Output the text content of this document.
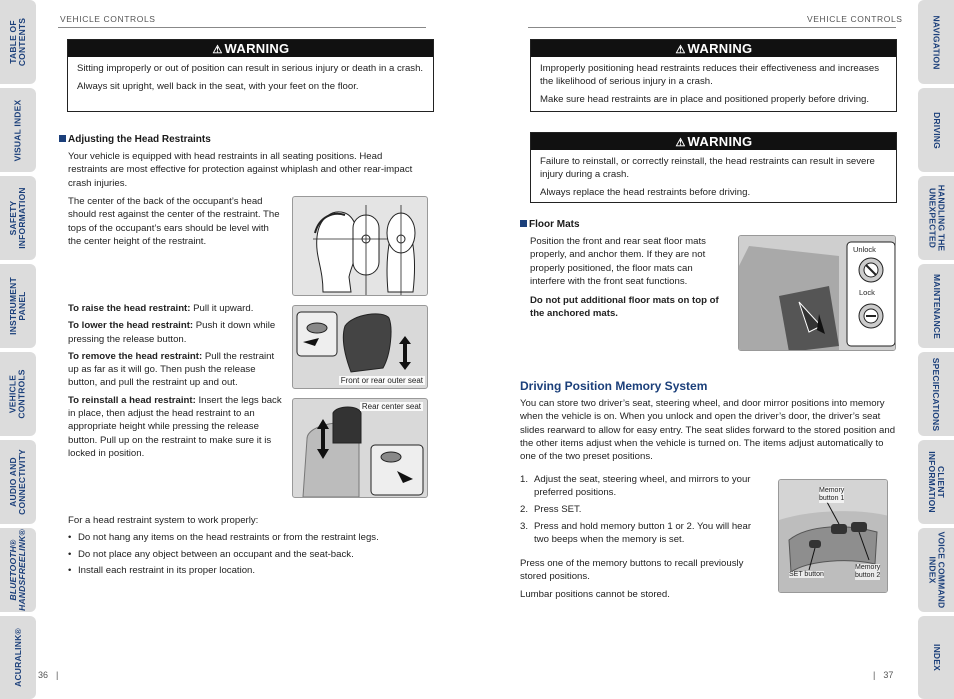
TABLE OF
CONTENTS
VISUAL INDEX
SAFETY
INFORMATION
INSTRUMENT
PANEL
VEHICLE
CONTROLS
AUDIO AND
CONNECTIVITY
BLUETOOTH®
HANDSFREELINK®
ACURALINK®
NAVIGATION
DRIVING
HANDLING THE
UNEXPECTED
MAINTENANCE
SPECIFICATIONS
CLIENT
INFORMATION
VOICE COMMAND
INDEX
INDEX
VEHICLE CONTROLS
⚠ WARNING

Sitting improperly or out of position can result in serious injury or death in a crash.

Always sit upright, well back in the seat, with your feet on the floor.

Adjusting the Head Restraints
Your vehicle is equipped with head restraints in all seating positions. Head restraints are most effective for protection against whiplash and other rear-impact crash injuries.
The center of the back of the occupant’s head should rest against the center of the restraint. The tops of the occupant’s ears should be level with the center height of the restraint.

To raise the head restraint: Pull it upward.

To lower the head restraint: Push it down while pressing the release button.

To remove the head restraint: Pull the restraint up as far as it will go. Then push the release button, and pull the restraint up and out.

To reinstall a head restraint: Insert the legs back in place, then adjust the head restraint to an appropriate height while pressing the release button. Pull up on the restraint to make sure it is locked in position.

Front or rear outer seat
Rear center seat
For a head restraint system to work properly:
• Do not hang any items on the head restraints or from the restraint legs.
• Do not place any object between an occupant and the seat-back.
• Install each restraint in its proper location.
36 |
VEHICLE CONTROLS
⚠ WARNING

Improperly positioning head restraints reduces their effectiveness and increases the likelihood of serious injury in a crash.

Make sure head restraints are in place and positioned properly before driving.

⚠ WARNING

Failure to reinstall, or correctly reinstall, the head restraints can result in severe injury during a crash.

Always replace the head restraints before driving.

Floor Mats
Position the front and rear seat floor mats properly, and anchor them. If they are not properly positioned, the floor mats can interfere with the front seat functions.
Do not put additional floor mats on top of the anchored mats.
Unlock
Lock
Driving Position Memory System
You can store two driver’s seat, steering wheel, and door mirror positions into memory when the vehicle is on. When you unlock and open the driver’s door, the driver’s seat slides rearward to allow for easy entry. The seat slides forward to the stored position and the other items adjust when the vehicle is turned on. The items adjust automatically to one of the two preset positions.
1. Adjust the seat, steering wheel, and mirrors to your preferred positions.
2. Press SET.
3. Press and hold memory button 1 or 2. You will hear two beeps when the memory is set.
Press one of the memory buttons to recall previously stored positions.
Lumbar positions cannot be stored.
Memory
button 1
Memory
button 2
SET button
| 37
